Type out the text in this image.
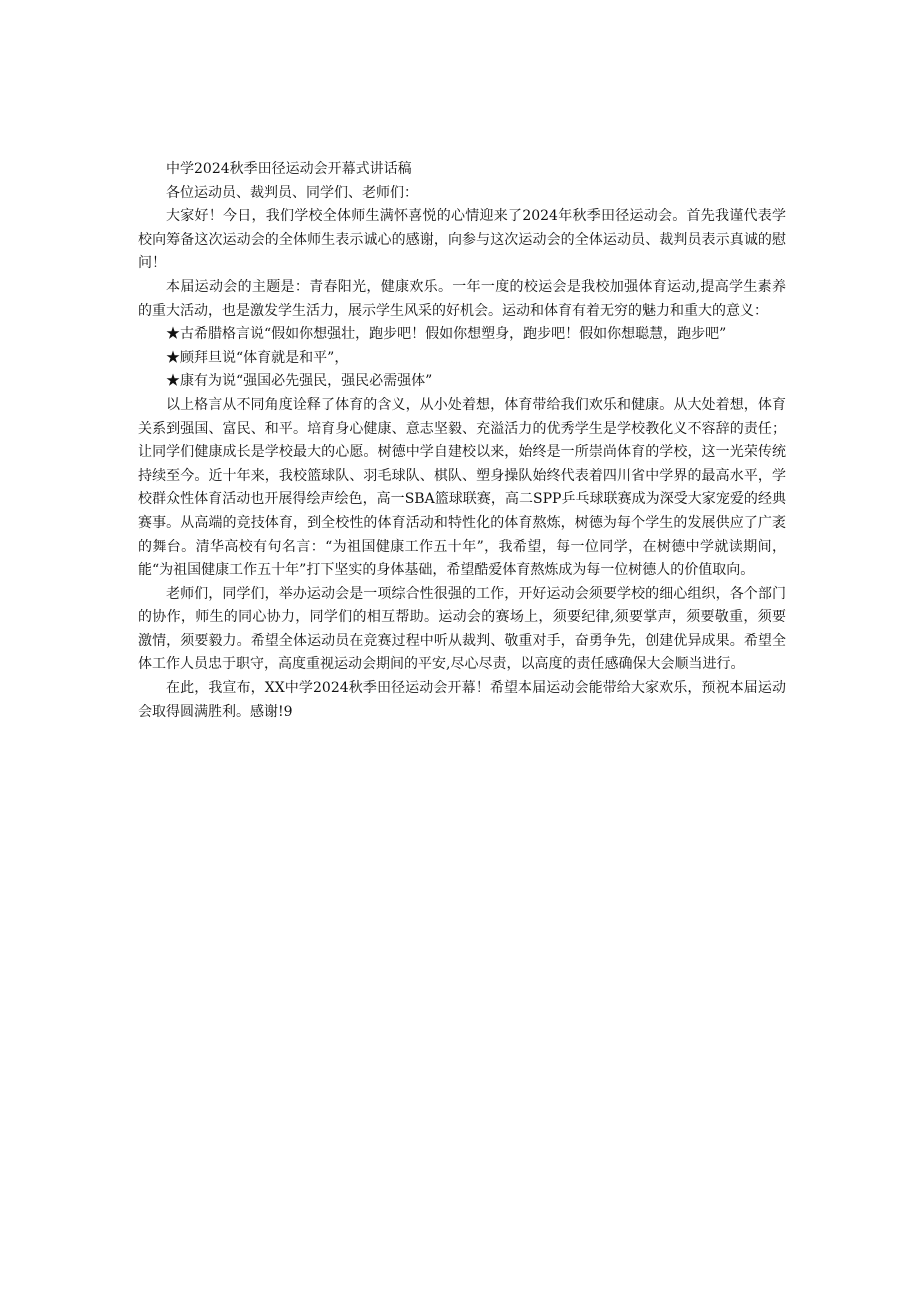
中学2024秋季田径运动会开幕式讲话稿

各位运动员、裁判员、同学们、老师们：

大家好！今日，我们学校全体师生满怀喜悦的心情迎来了2024年秋季田径运动会。首先我谨代表学校向筹备这次运动会的全体师生表示诚心的感谢，向参与这次运动会的全体运动员、裁判员表示真诚的慰问！

本届运动会的主题是：青春阳光，健康欢乐。一年一度的校运会是我校加强体育运动,提高学生素养的重大活动，也是激发学生活力，展示学生风采的好机会。运动和体育有着无穷的魅力和重大的意义：

★古希腊格言说“假如你想强壮，跑步吧！假如你想塑身，跑步吧！假如你想聪慧，跑步吧”

★顾拜旦说“体育就是和平”，

★康有为说“强国必先强民，强民必需强体”

以上格言从不同角度诠释了体育的含义，从小处着想，体育带给我们欢乐和健康。从大处着想，体育关系到强国、富民、和平。培育身心健康、意志坚毅、充溢活力的优秀学生是学校教化义不容辞的责任；让同学们健康成长是学校最大的心愿。树德中学自建校以来，始终是一所崇尚体育的学校，这一光荣传统持续至今。近十年来，我校篮球队、羽毛球队、棋队、塑身操队始终代表着四川省中学界的最高水平，学校群众性体育活动也开展得绘声绘色，高一SBA篮球联赛，高二SPP乒乓球联赛成为深受大家宠爱的经典赛事。从高端的竞技体育，到全校性的体育活动和特性化的体育熬炼，树德为每个学生的发展供应了广袤的舞台。清华高校有句名言：“为祖国健康工作五十年”，我希望，每一位同学，在树德中学就读期间，能“为祖国健康工作五十年”打下坚实的身体基础，希望酷爱体育熬炼成为每一位树德人的价值取向。

老师们，同学们，举办运动会是一项综合性很强的工作，开好运动会须要学校的细心组织，各个部门的协作，师生的同心协力，同学们的相互帮助。运动会的赛场上，须要纪律,须要掌声，须要敬重，须要激情，须要毅力。希望全体运动员在竞赛过程中听从裁判、敬重对手，奋勇争先，创建优异成果。希望全体工作人员忠于职守，高度重视运动会期间的平安,尽心尽责，以高度的责任感确保大会顺当进行。

在此，我宣布，XX中学2024秋季田径运动会开幕！希望本届运动会能带给大家欢乐，预祝本届运动会取得圆满胜利。感谢!9
